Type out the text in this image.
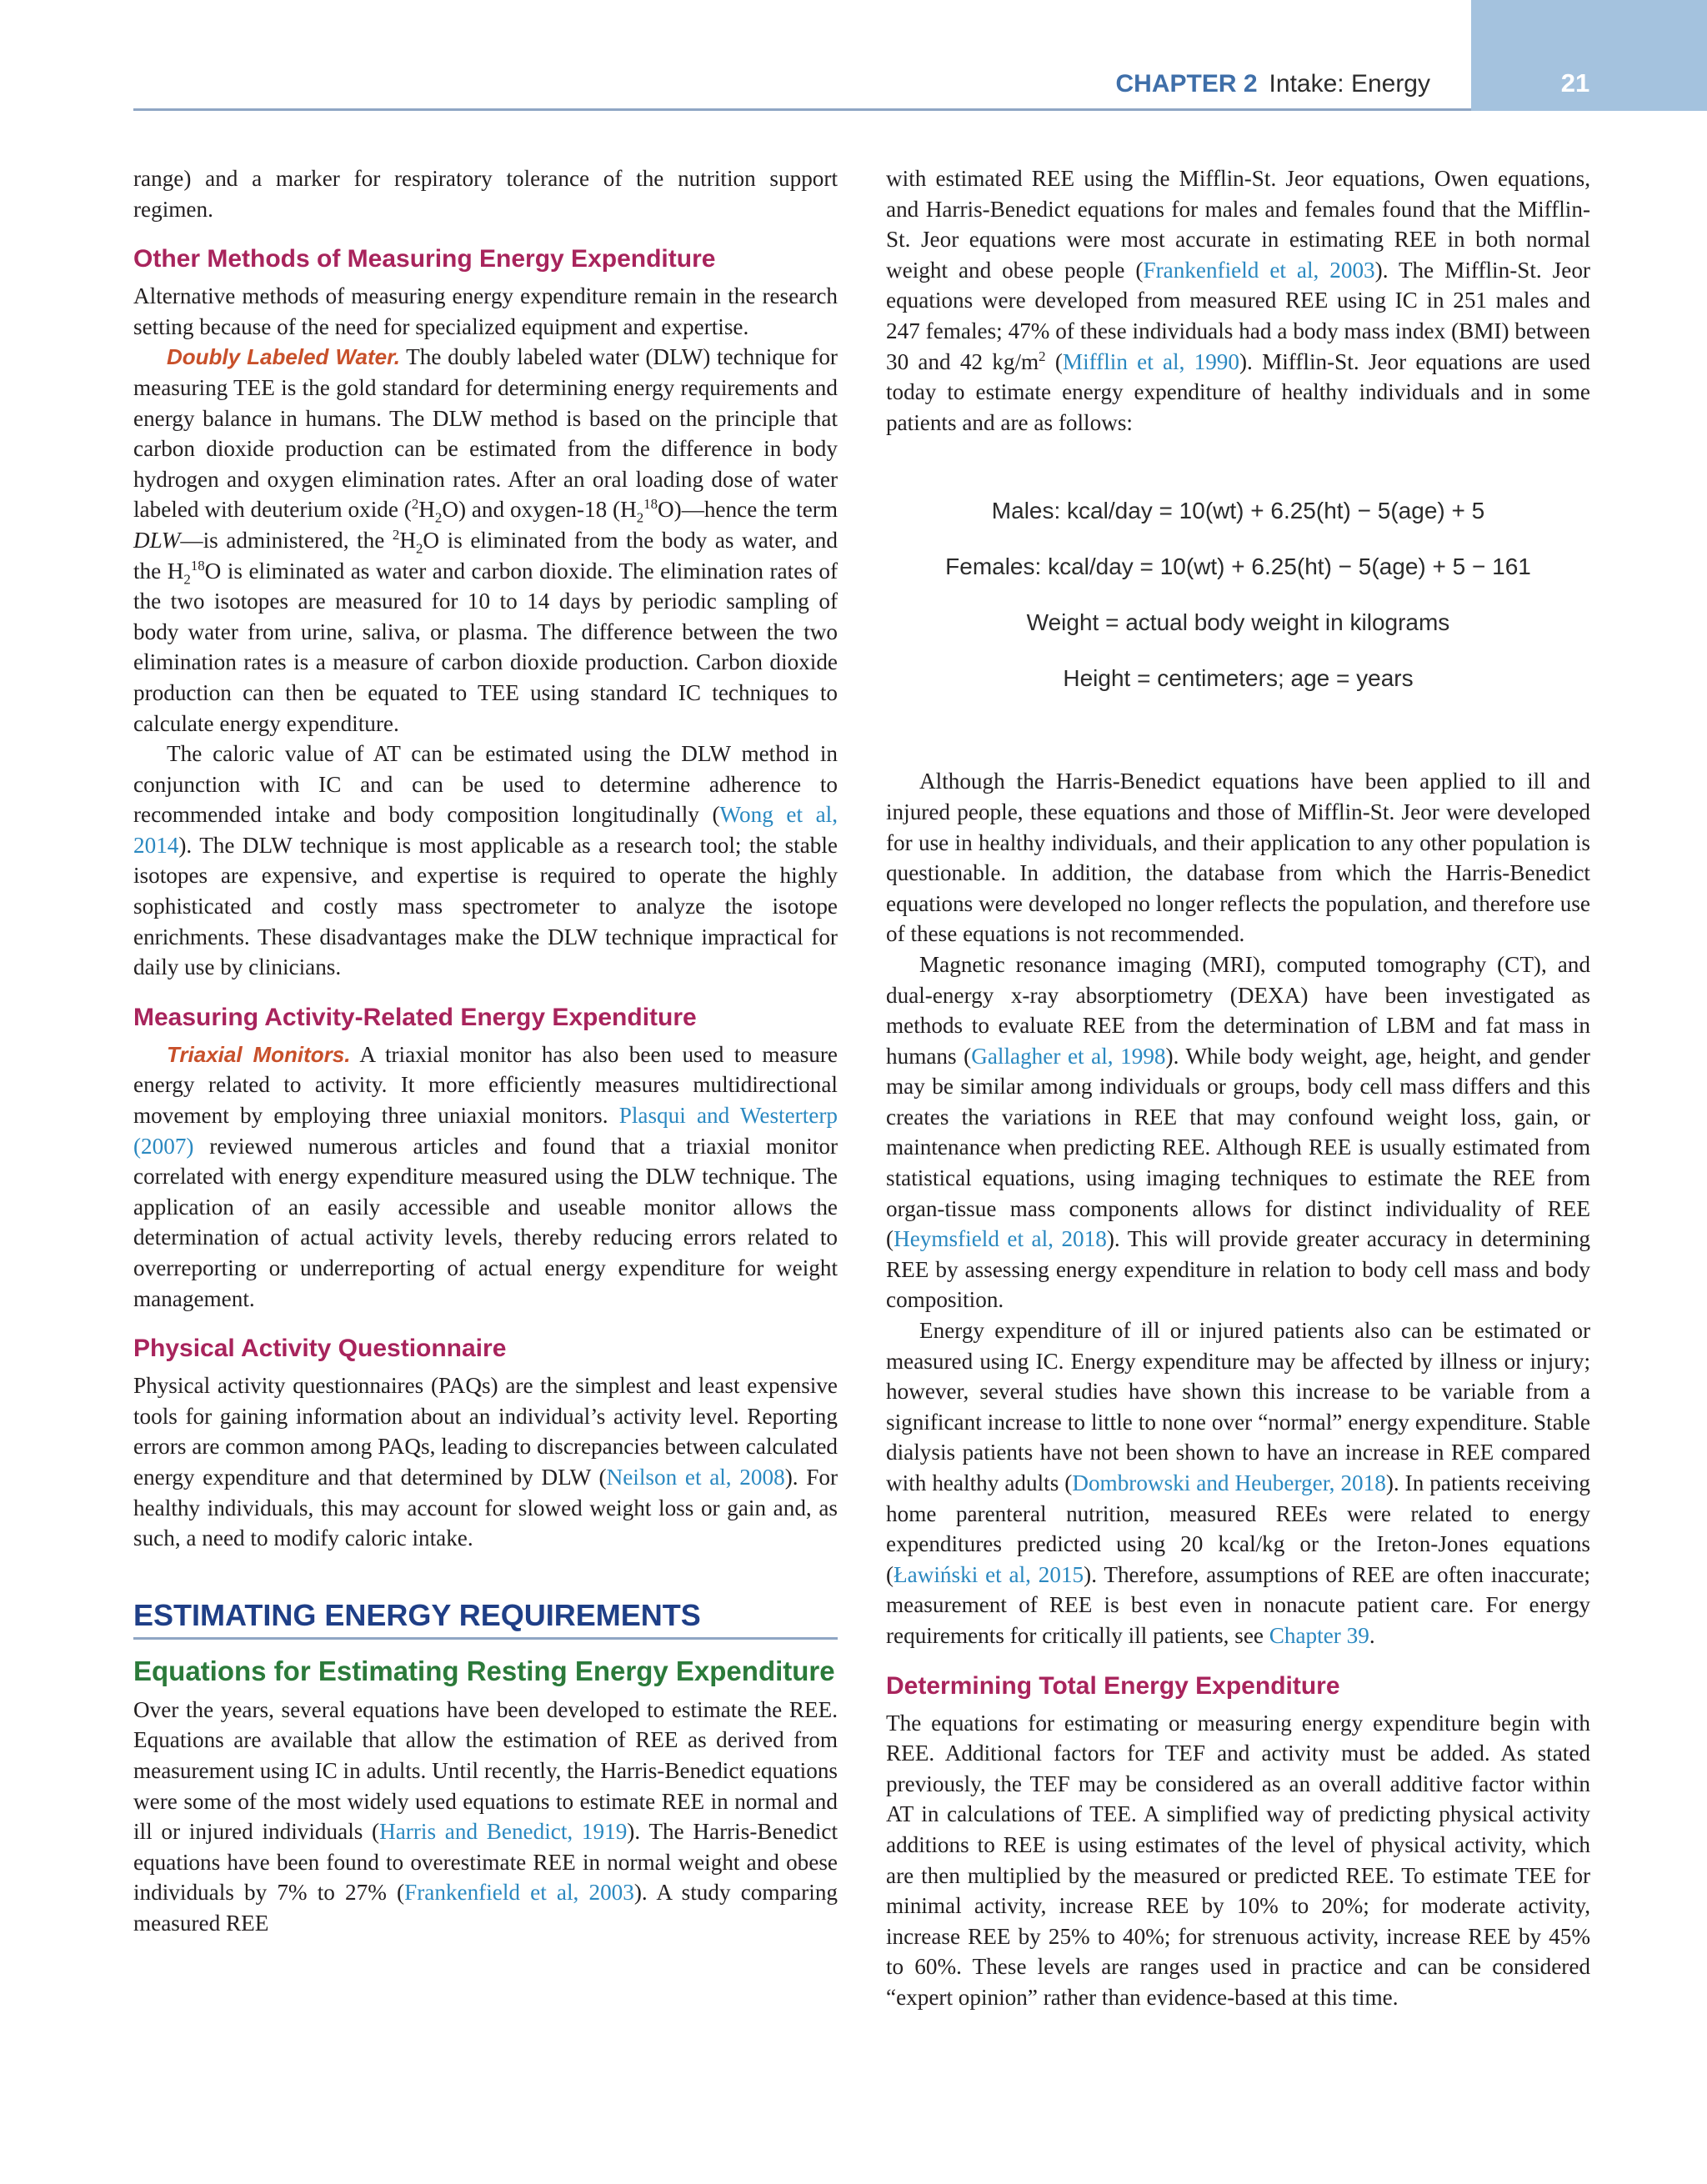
21
CHAPTER 2 Intake: Energy

range) and a marker for respiratory tolerance of the nutrition support regimen.

Other Methods of Measuring Energy Expenditure

Alternative methods of measuring energy expenditure remain in the research setting because of the need for specialized equipment and expertise.

Doubly Labeled Water. The doubly labeled water (DLW) technique for measuring TEE is the gold standard for determining energy requirements and energy balance in humans. The DLW method is based on the principle that carbon dioxide production can be estimated from the difference in body hydrogen and oxygen elimination rates. After an oral loading dose of water labeled with deuterium oxide $(^2H_2O)$ and oxygen-18 $(H_2^{18}O)—hence$ the term DLW—is administered, the $^2H_2O$ is eliminated from the body as water, and the $H_2^{18}O$ is eliminated as water and carbon dioxide. The elimination rates of the two isotopes are measured for 10 to 14 days by periodic sampling of body water from urine, saliva, or plasma. The difference between the two elimination rates is a measure of carbon dioxide production. Carbon dioxide production can then be equated to TEE using standard IC techniques to calculate energy expenditure.

The caloric value of AT can be estimated using the DLW method in conjunction with IC and can be used to determine adherence to recommended intake and body composition longitudinally (Wong et al, 2014). The DLW technique is most applicable as a research tool; the stable isotopes are expensive, and expertise is required to operate the highly sophisticated and costly mass spectrometer to analyze the isotope enrichments. These disadvantages make the DLW technique impractical for daily use by clinicians.

Measuring Activity-Related Energy Expenditure

Triaxial Monitors. A triaxial monitor has also been used to measure energy related to activity. It more efficiently measures multidirectional movement by employing three uniaxial monitors. Plasqui and Westerterp (2007) reviewed numerous articles and found that a triaxial monitor correlated with energy expenditure measured using the DLW technique. The application of an easily accessible and useable monitor allows the determination of actual activity levels, thereby reducing errors related to overreporting or underreporting of actual energy expenditure for weight management.

Physical Activity Questionnaire

Physical activity questionnaires (PAQs) are the simplest and least expensive tools for gaining information about an individual’s activity level. Reporting errors are common among PAQs, leading to discrepancies between calculated energy expenditure and that determined by DLW (Neilson et al, 2008). For healthy individuals, this may account for slowed weight loss or gain and, as such, a need to modify caloric intake.

ESTIMATING ENERGY REQUIREMENTS
Equations for Estimating Resting Energy Expenditure

Over the years, several equations have been developed to estimate the REE. Equations are available that allow the estimation of REE as derived from measurement using IC in adults. Until recently, the Harris-Benedict equations were some of the most widely used equations to estimate REE in normal and ill or injured individuals (Harris and Benedict, 1919). The Harris-Benedict equations have been found to overestimate REE in normal weight and obese individuals by 7% to 27% (Frankenfield et al, 2003). A study comparing measured REE

with estimated REE using the Mifflin-St. Jeor equations, Owen equations, and Harris-Benedict equations for males and females found that the Mifflin-St. Jeor equations were most accurate in estimating REE in both normal weight and obese people (Frankenfield et al, 2003). The Mifflin-St. Jeor equations were developed from measured REE using IC in 251 males and 247 females; 47% of these individuals had a body mass index (BMI) between 30 and 42 $kg/m^2$ (Mifflin et al, 1990). Mifflin-St. Jeor equations are used today to estimate energy expenditure of healthy individuals and in some patients and are as follows:

Males: kcal/day = 10(wt) + 6.25(ht) − 5(age) + 5
Females: kcal/day = 10(wt) + 6.25(ht) − 5(age) + 5 − 161
Weight = actual body weight in kilograms
Height = centimeters; age = years

Although the Harris-Benedict equations have been applied to ill and injured people, these equations and those of Mifflin-St. Jeor were developed for use in healthy individuals, and their application to any other population is questionable. In addition, the database from which the Harris-Benedict equations were developed no longer reflects the population, and therefore use of these equations is not recommended.

Magnetic resonance imaging (MRI), computed tomography (CT), and dual-energy x-ray absorptiometry (DEXA) have been investigated as methods to evaluate REE from the determination of LBM and fat mass in humans (Gallagher et al, 1998). While body weight, age, height, and gender may be similar among individuals or groups, body cell mass differs and this creates the variations in REE that may confound weight loss, gain, or maintenance when predicting REE. Although REE is usually estimated from statistical equations, using imaging techniques to estimate the REE from organ-tissue mass components allows for distinct individuality of REE (Heymsfield et al, 2018). This will provide greater accuracy in determining REE by assessing energy expenditure in relation to body cell mass and body composition.

Energy expenditure of ill or injured patients also can be estimated or measured using IC. Energy expenditure may be affected by illness or injury; however, several studies have shown this increase to be variable from a significant increase to little to none over “normal” energy expenditure. Stable dialysis patients have not been shown to have an increase in REE compared with healthy adults (Dombrowski and Heuberger, 2018). In patients receiving home parenteral nutrition, measured REEs were related to energy expenditures predicted using 20 kcal/kg or the Ireton-Jones equations (Ławiński et al, 2015). Therefore, assumptions of REE are often inaccurate; measurement of REE is best even in nonacute patient care. For energy requirements for critically ill patients, see Chapter 39.

Determining Total Energy Expenditure

The equations for estimating or measuring energy expenditure begin with REE. Additional factors for TEF and activity must be added. As stated previously, the TEF may be considered as an overall additive factor within AT in calculations of TEE. A simplified way of predicting physical activity additions to REE is using estimates of the level of physical activity, which are then multiplied by the measured or predicted REE. To estimate TEE for minimal activity, increase REE by 10% to 20%; for moderate activity, increase REE by 25% to 40%; for strenuous activity, increase REE by 45% to 60%. These levels are ranges used in practice and can be considered “expert opinion” rather than evidence-based at this time.
